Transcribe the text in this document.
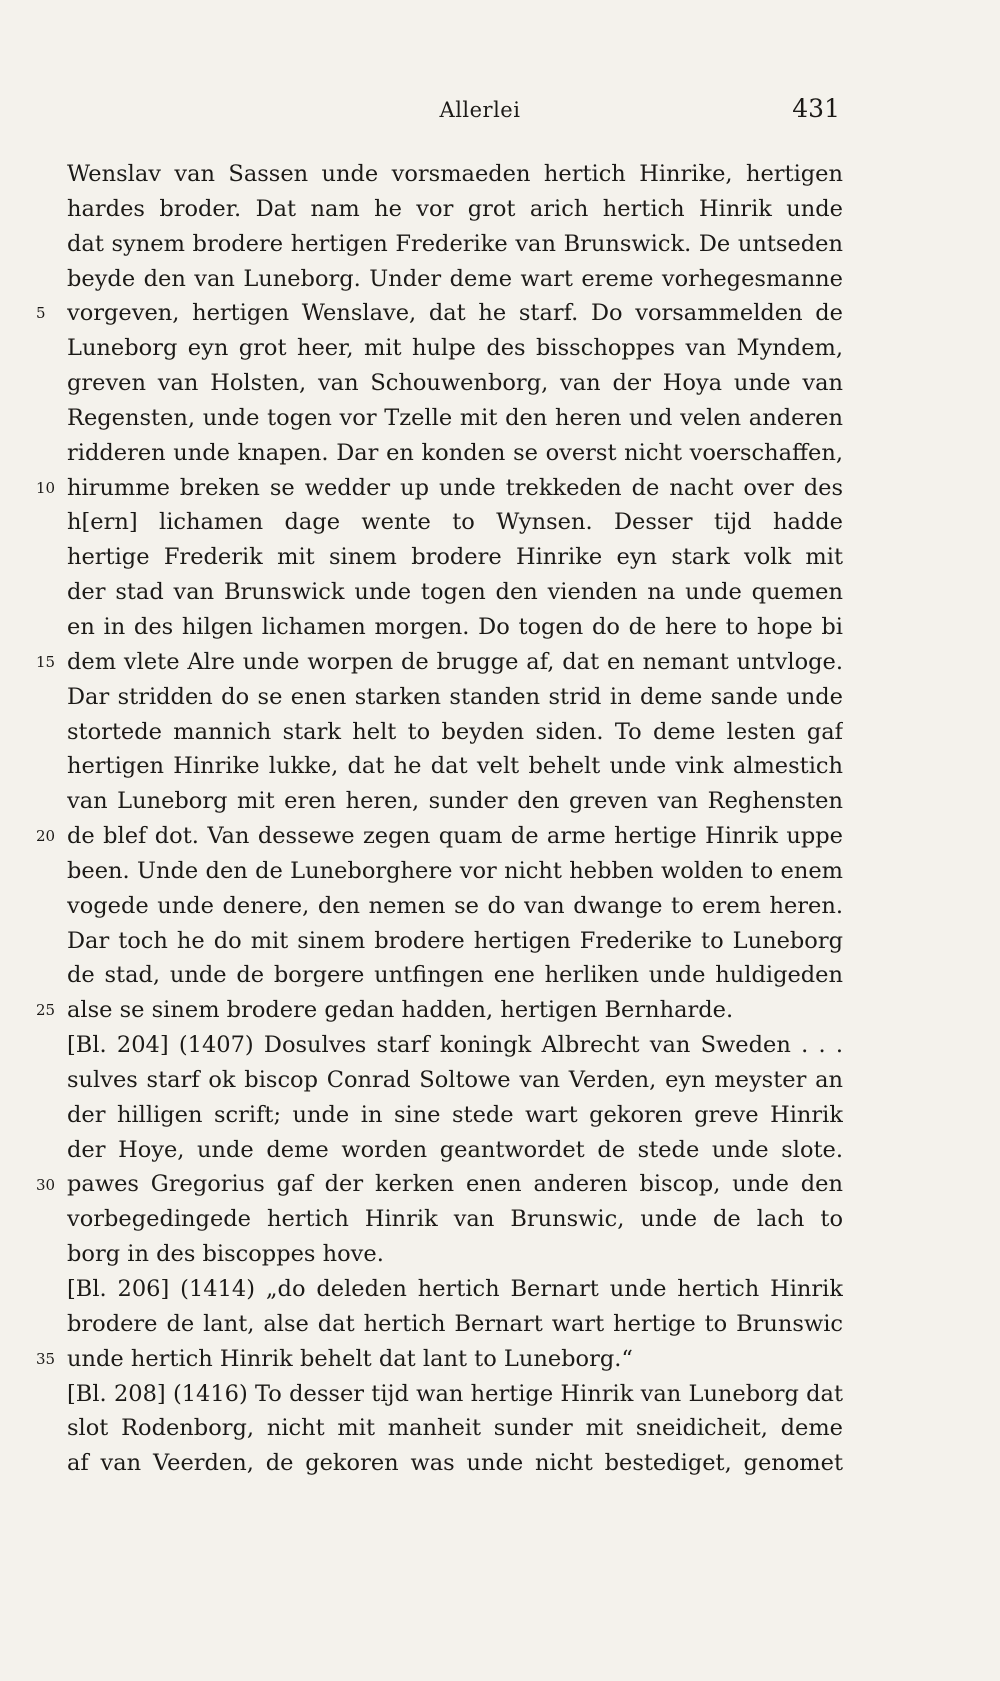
Allerlei	431
Wenslav van Sassen unde vorsmaeden hertich Hinrike, hertigen
hardes broder. Dat nam he vor grot arich hertich Hinrik unde
dat synem brodere hertigen Frederike van Brunswick. De untseden
beyde den van Luneborg. Under deme wart ereme vorhegesmanne
vorgeven, hertigen Wenslave, dat he starf. Do vorsammelden de
Luneborg eyn grot heer, mit hulpe des bisschoppes van Myndem,
greven van Holsten, van Schouwenborg, van der Hoya unde van
Regensten, unde togen vor Tzelle mit den heren und velen anderen
ridderen unde knapen. Dar en konden se overst nicht voerschaffen,
hirumme breken se wedder up unde trekkeden de nacht over des
h[ern] lichamen dage wente to Wynsen. Desser tijd hadde
hertige Frederik mit sinem brodere Hinrike eyn stark volk mit
der stad van Brunswick unde togen den vienden na unde quemen
en in des hilgen lichamen morgen. Do togen do de here to hope bi
dem vlete Alre unde worpen de brugge af, dat en nemant untvloge.
Dar stridden do se enen starken standen strid in deme sande unde
stortede mannich stark helt to beyden siden. To deme lesten gaf
hertigen Hinrike lukke, dat he dat velt behelt unde vink almestich
van Luneborg mit eren heren, sunder den greven van Reghensten
de blef dot. Van dessewe zegen quam de arme hertige Hinrik uppe
been. Unde den de Luneborghere vor nicht hebben wolden to enem
vogede unde denere, den nemen se do van dwange to erem heren.
Dar toch he do mit sinem brodere hertigen Frederike to Luneborg
de stad, unde de borgere untfingen ene herliken unde huldigeden
alse se sinem brodere gedan hadden, hertigen Bernharde.
[Bl. 204] (1407) Dosulves starf koningk Albrecht van Sweden . . .
sulves starf ok biscop Conrad Soltowe van Verden, eyn meyster an
der hilligen scrift; unde in sine stede wart gekoren greve Hinrik
der Hoye, unde deme worden geantwordet de stede unde slote.
pawes Gregorius gaf der kerken enen anderen biscop, unde den
vorbegedingede hertich Hinrik van Brunswic, unde de lach to
borg in des biscoppes hove.
[Bl. 206] (1414) „do deleden hertich Bernart unde hertich Hinrik
brodere de lant, alse dat hertich Bernart wart hertige to Brunswic
unde hertich Hinrik behelt dat lant to Luneborg.“
[Bl. 208] (1416) To desser tijd wan hertige Hinrik van Luneborg dat
slot Rodenborg, nicht mit manheit sunder mit sneidicheit, deme
af van Veerden, de gekoren was unde nicht bestediget, genomet
5
10
15
20
25
30
35
